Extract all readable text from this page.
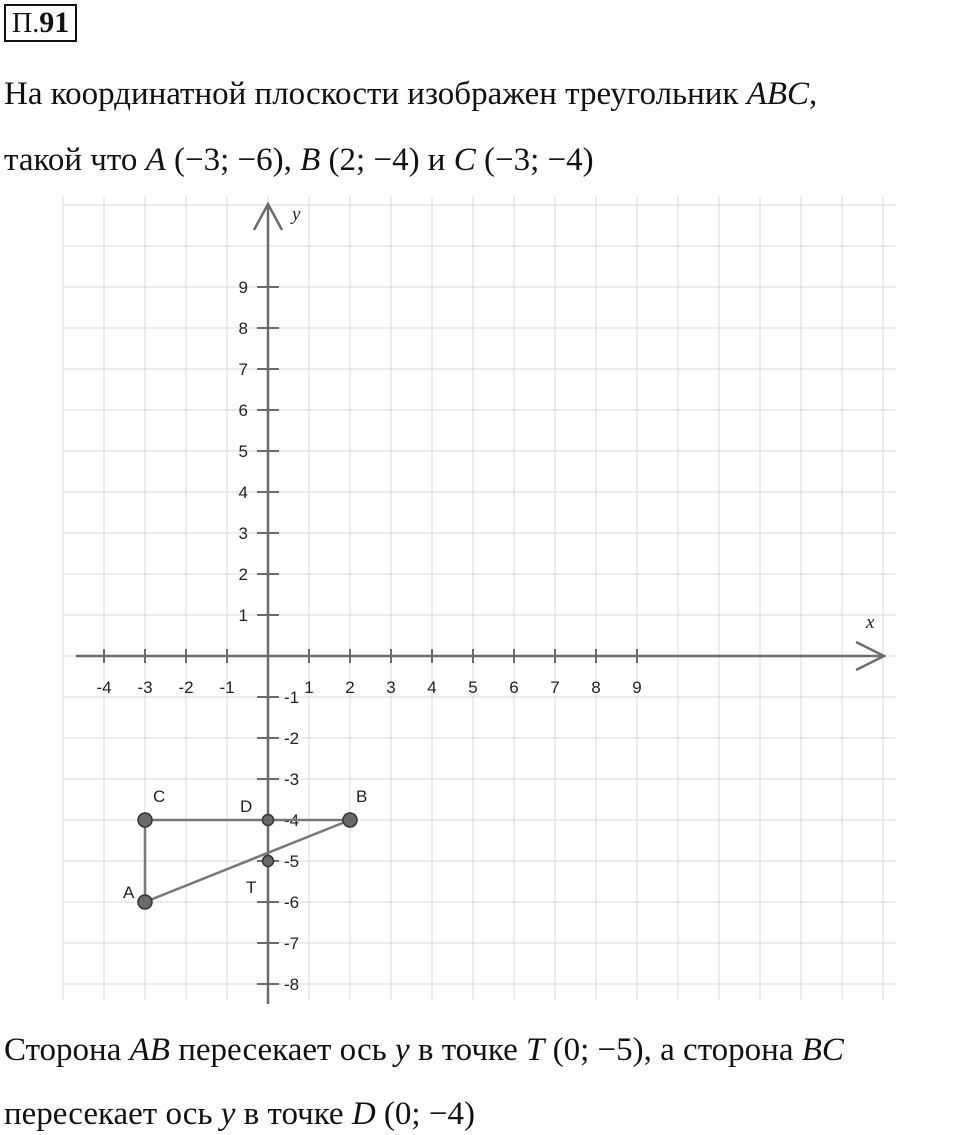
П.91
На координатной плоскости изображен треугольник ABC,
такой что A (−3; −6), B (2; −4) и C (−3; −4)
x
y
-4 -3 -2 -1	1 2 3 4 5 6 7 8 9
9
8
7
6
5
4
3
2
1
-1
-2
-3
-4
-5
-6
-7
-8
A
B
C
D
T
Сторона AB пересекает ось y в точке T (0; −5), а сторона BC
пересекает ось y в точке D (0; −4)
